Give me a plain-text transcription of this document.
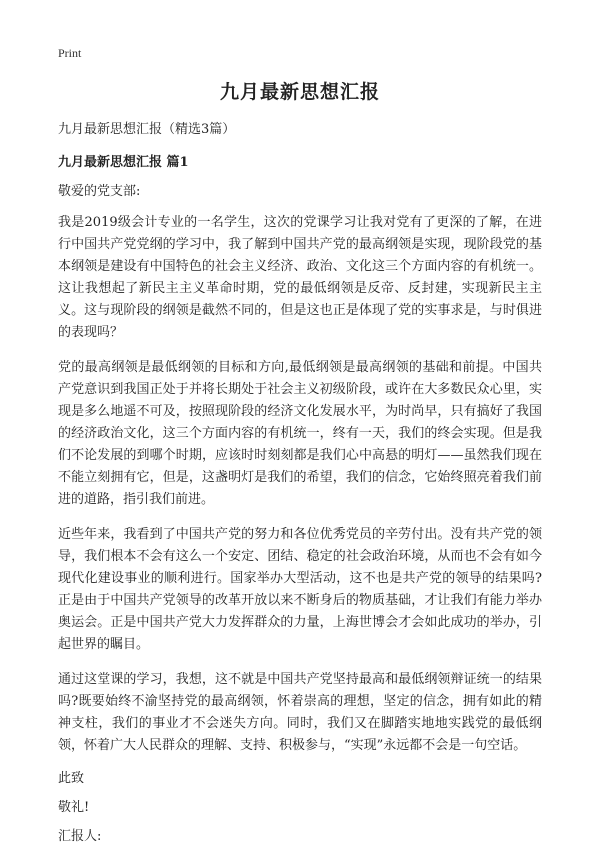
Print
九月最新思想汇报

九月最新思想汇报（精选3篇）

九月最新思想汇报 篇1

敬爱的党支部:

我是2019级会计专业的一名学生，这次的党课学习让我对党有了更深的了解，在进行中国共产党党纲的学习中，我了解到中国共产党的最高纲领是实现，现阶段党的基本纲领是建设有中国特色的社会主义经济、政治、文化这三个方面内容的有机统一。这让我想起了新民主主义革命时期，党的最低纲领是反帝、反封建，实现新民主主义。这与现阶段的纲领是截然不同的，但是这也正是体现了党的实事求是，与时俱进的表现吗？

党的最高纲领是最低纲领的目标和方向,最低纲领是最高纲领的基础和前提。中国共产党意识到我国正处于并将长期处于社会主义初级阶段，或许在大多数民众心里，实现是多么地遥不可及，按照现阶段的经济文化发展水平，为时尚早，只有搞好了我国的经济政治文化，这三个方面内容的有机统一，终有一天，我们的终会实现。但是我们不论发展的到哪个时期，应该时时刻刻都是我们心中高悬的明灯——虽然我们现在不能立刻拥有它，但是，这盏明灯是我们的希望，我们的信念，它始终照亮着我们前进的道路，指引我们前进。

近些年来，我看到了中国共产党的努力和各位优秀党员的辛劳付出。没有共产党的领导，我们根本不会有这么一个安定、团结、稳定的社会政治环境，从而也不会有如今现代化建设事业的顺利进行。国家举办大型活动，这不也是共产党的领导的结果吗?正是由于中国共产党领导的改革开放以来不断身后的物质基础，才让我们有能力举办奥运会。正是中国共产党大力发挥群众的力量，上海世博会才会如此成功的举办，引起世界的瞩目。

通过这堂课的学习，我想，这不就是中国共产党坚持最高和最低纲领辩证统一的结果吗?既要始终不渝坚持党的最高纲领，怀着崇高的理想，坚定的信念，拥有如此的精神支柱，我们的事业才不会迷失方向。同时，我们又在脚踏实地地实践党的最低纲领，怀着广大人民群众的理解、支持、积极参与，“实现”永远都不会是一句空话。

此致

敬礼!

汇报人:
